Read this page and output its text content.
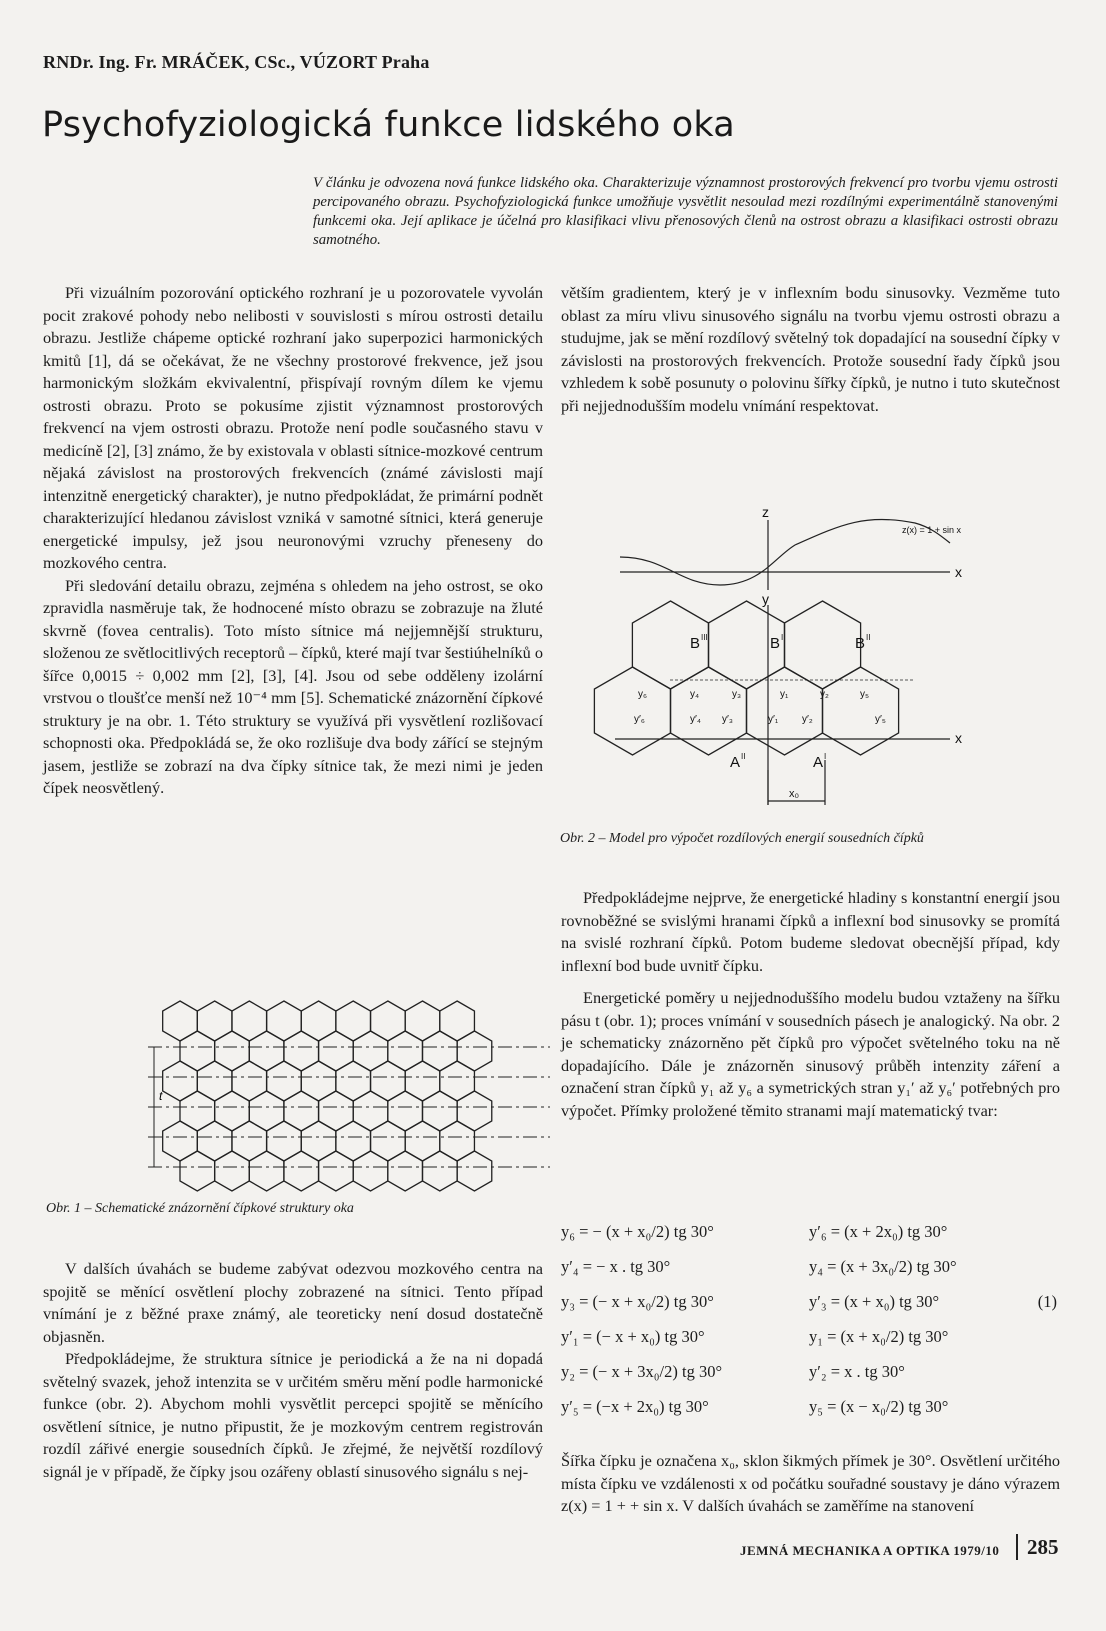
RNDr. Ing. Fr. MRÁČEK, CSc., VÚZORT Praha
Psychofyziologická funkce lidského oka
V článku je odvozena nová funkce lidského oka. Charakterizuje významnost prostorových frekvencí pro tvorbu vjemu ostrosti percipovaného obrazu. Psychofyziologická funkce umožňuje vysvětlit nesoulad mezi rozdílnými experimentálně stanovenými funkcemi oka. Její aplikace je účelná pro klasifikaci vlivu přenosových členů na ostrost obrazu a klasifikaci ostrosti obrazu samotného.

Při vizuálním pozorování optického rozhraní je u pozorovatele vyvolán pocit zrakové pohody nebo nelibosti v souvislosti s mírou ostrosti detailu obrazu. Jestliže chápeme optické rozhraní jako superpozici harmonických kmitů [1], dá se očekávat, že ne všechny prostorové frekvence, jež jsou harmonickým složkám ekvivalentní, přispívají rovným dílem ke vjemu ostrosti obrazu. Proto se pokusíme zjistit významnost prostorových frekvencí na vjem ostrosti obrazu. Protože není podle současného stavu v medicíně [2], [3] známo, že by existovala v oblasti sítnice-mozkové centrum nějaká závislost na prostorových frekvencích (známé závislosti mají intenzitně energetický charakter), je nutno předpokládat, že primární podnět charakterizující hledanou závislost vzniká v samotné sítnici, která generuje energetické impulsy, jež jsou neuronovými vzruchy přeneseny do mozkového centra.

Při sledování detailu obrazu, zejména s ohledem na jeho ostrost, se oko zpravidla nasměruje tak, že hodnocené místo obrazu se zobrazuje na žluté skvrně (fovea centralis). Toto místo sítnice má nejjemnější strukturu, složenou ze světlocitlivých receptorů – čípků, které mají tvar šestiúhelníků o šířce 0,0015 ÷ 0,002 mm [2], [3], [4]. Jsou od sebe odděleny izolární vrstvou o tloušťce menší než 10⁻⁴ mm [5]. Schematické znázornění čípkové struktury je na obr. 1. Této struktury se využívá při vysvětlení rozlišovací schopnosti oka. Předpokládá se, že oko rozlišuje dva body zářící se stejným jasem, jestliže se zobrazí na dva čípky sítnice tak, že mezi nimi je jeden čípek neosvětlený.

t
Obr. 1 – Schematické znázornění čípkové struktury oka

V dalších úvahách se budeme zabývat odezvou mozkového centra na spojitě se měnící osvětlení plochy zobrazené na sítnici. Tento případ vnímání je z běžné praxe známý, ale teoreticky není dosud dostatečně objasněn.

Předpokládejme, že struktura sítnice je periodická a že na ni dopadá světelný svazek, jehož intenzita se v určitém směru mění podle harmonické funkce (obr. 2). Abychom mohli vysvětlit percepci spojitě se měnícího osvětlení sítnice, je nutno připustit, že je mozkovým centrem registrován rozdíl zářivé energie sousedních čípků. Je zřejmé, že největší rozdílový signál je v případě, že čípky jsou ozářeny oblastí sinusového signálu s nej-

větším gradientem, který je v inflexním bodu sinusovky. Vezměme tuto oblast za míru vlivu sinusového signálu na tvorbu vjemu ostrosti obrazu a studujme, jak se mění rozdílový světelný tok dopadající na sousední čípky v závislosti na prostorových frekvencích. Protože sousední řady čípků jsou vzhledem k sobě posunuty o polovinu šířky čípků, je nutno i tuto skutečnost při nejjednodušším modelu vnímání respektovat.

z
x
z(x) = 1 + sin x
y
x
B III	B I	B II
A II	A I
x₀
y₆	y₄	y₃	y₁	y₂	y₅
y′₆	y′₄ y′₃	y′₁ y′₂	y′₅
Obr. 2 – Model pro výpočet rozdílových energií sousedních čípků

Předpokládejme nejprve, že energetické hladiny s konstantní energií jsou rovnoběžné se svislými hranami čípků a inflexní bod sinusovky se promítá na svislé rozhraní čípků. Potom budeme sledovat obecnější případ, kdy inflexní bod bude uvnitř čípku.

Energetické poměry u nejjednoduššího modelu budou vztaženy na šířku pásu t (obr. 1); proces vnímání v sousedních pásech je analogický. Na obr. 2 je schematicky znázorněno pět čípků pro výpočet světelného toku na ně dopadajícího. Dále je znázorněn sinusový průběh intenzity záření a označení stran čípků y₁ až y₆ a symetrických stran y₁′ až y₆′ potřebných pro výpočet. Přímky proložené těmito stranami mají matematický tvar:

y₆ = − (x + x₀/2) tg 30°	y′₆ = (x + 2x₀) tg 30°
y′₄ = − x . tg 30°	y₄ = (x + 3x₀/2) tg 30°
y₃ = (− x + x₀/2) tg 30°	y′₃ = (x + x₀) tg 30°	(1)
y′₁ = (− x + x₀) tg 30°	y₁ = (x + x₀/2) tg 30°
y₂ = (− x + 3x₀/2) tg 30°	y′₂ = x . tg 30°
y′₅ = (−x + 2x₀) tg 30°	y₅ = (x − x₀/2) tg 30°

Šířka čípku je označena x₀, sklon šikmých přímek je 30°. Osvětlení určitého místa čípku ve vzdálenosti x od počátku souřadné soustavy je dáno výrazem z(x) = 1 + + sin x. V dalších úvahách se zaměříme na stanovení

JEMNÁ MECHANIKA A OPTIKA 1979/10 285
